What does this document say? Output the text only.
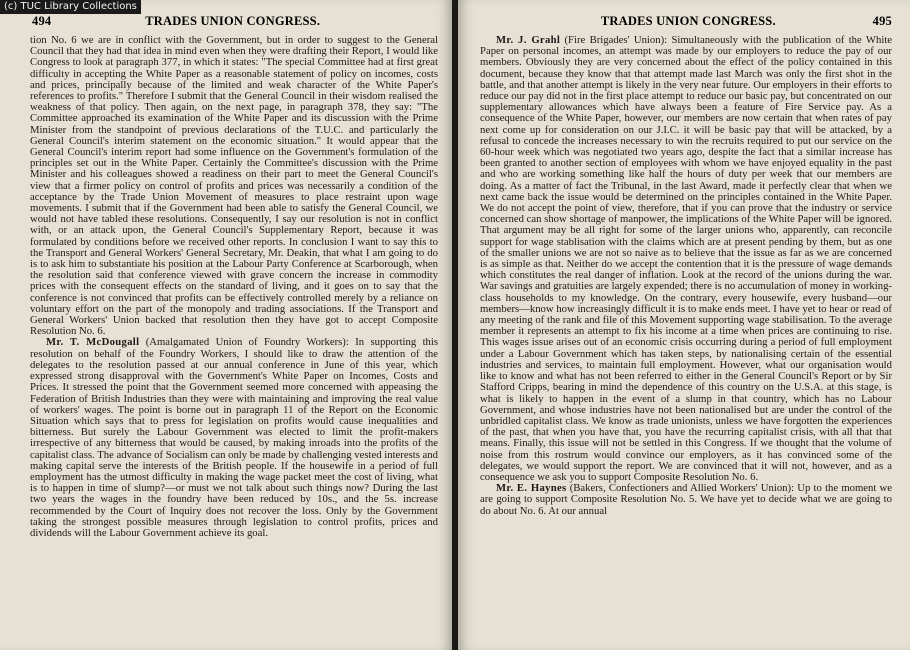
(c) TUC Library Collections
494	TRADES UNION CONGRESS.

tion No. 6 we are in conflict with the Government, but in order to suggest to the General Council that they had that idea in mind even when they were drafting their Report, I would like Congress to look at paragraph 377, in which it states: "The special Committee had at first great difficulty in accepting the White Paper as a reasonable statement of policy on incomes, costs and prices, principally because of the limited and weak character of the White Paper's references to profits." Therefore I submit that the General Council in their wisdom realised the weakness of that policy. Then again, on the next page, in paragraph 378, they say: "The Committee approached its examination of the White Paper and its discussion with the Prime Minister from the standpoint of previous declarations of the T.U.C. and particularly the General Council's interim statement on the economic situation." It would appear that the General Council's interim report had some influence on the Government's formulation of the principles set out in the White Paper. Certainly the Committee's discussion with the Prime Minister and his colleagues showed a readiness on their part to meet the General Council's view that a firmer policy on control of profits and prices was necessarily a condition of the acceptance by the Trade Union Movement of measures to place restraint upon wage movements. I submit that if the Government had been able to satisfy the General Council, we would not have tabled these resolutions. Consequently, I say our resolution is not in conflict with, or an attack upon, the General Council's Supplementary Report, because it was formulated by conditions before we received other reports. In conclusion I want to say this to the Transport and General Workers' General Secretary, Mr. Deakin, that what I am going to do is to ask him to substantiate his position at the Labour Party Conference at Scarborough, when the resolution said that conference viewed with grave concern the increase in commodity prices with the consequent effects on the standard of living, and it goes on to say that the conference is not convinced that profits can be effectively controlled merely by a reliance on voluntary effort on the part of the monopoly and trading associations. If the Transport and General Workers' Union backed that resolution then they have got to accept Composite Resolution No. 6.

Mr. T. McDougall (Amalgamated Union of Foundry Workers): In supporting this resolution on behalf of the Foundry Workers, I should like to draw the attention of the delegates to the resolution passed at our annual conference in June of this year, which expressed strong disapproval with the Government's White Paper on Incomes, Costs and Prices. It stressed the point that the Government seemed more concerned with appeasing the Federation of British Industries than they were with maintaining and improving the real value of workers' wages. The point is borne out in paragraph 11 of the Report on the Economic Situation which says that to press for legislation on profits would cause inequalities and bitterness. But surely the Labour Government was elected to limit the profit-makers irrespective of any bitterness that would be caused, by making inroads into the profits of the capitalist class. The advance of Socialism can only be made by challenging vested interests and making capital serve the interests of the British people. If the housewife in a period of full employment has the utmost difficulty in making the wage packet meet the cost of living, what is to happen in time of slump?—or must we not talk about such things now? During the last two years the wages in the foundry have been reduced by 10s., and the 5s. increase recommended by the Court of Inquiry does not recover the loss. Only by the Government taking the strongest possible measures through legislation to control profits, prices and dividends will the Labour Government achieve its goal.

TRADES UNION CONGRESS.	495

Mr. J. Grahl (Fire Brigades' Union): Simultaneously with the publication of the White Paper on personal incomes, an attempt was made by our employers to reduce the pay of our members. Obviously they are very concerned about the effect of the policy contained in this document, because they know that that attempt made last March was only the first shot in the battle, and that another attempt is likely in the very near future. Our employers in their efforts to reduce our pay did not in the first place attempt to reduce our basic pay, but concentrated on our supplementary allowances which have always been a feature of Fire Service pay. As a consequence of the White Paper, however, our members are now certain that when rates of pay next come up for consideration on our J.I.C. it will be basic pay that will be attacked, by a refusal to concede the increases necessary to win the recruits required to put our service on the 60-hour week which was negotiated two years ago, despite the fact that a similar increase has been granted to another section of employees with whom we have enjoyed equality in the past and who are working something like half the hours of duty per week that our members are doing. As a matter of fact the Tribunal, in the last Award, made it perfectly clear that when we next came back the issue would be determined on the principles contained in the White Paper. We do not accept the point of view, therefore, that if you can prove that the industry or service concerned can show shortage of manpower, the implications of the White Paper will be ignored. That argument may be all right for some of the larger unions who, apparently, can reconcile support for wage stablisation with the claims which are at present pending by them, but as one of the smaller unions we are not so naive as to believe that the issue as far as we are concerned is as simple as that. Neither do we accept the contention that it is the pressure of wage demands which constitutes the real danger of inflation. Look at the record of the unions during the war. War savings and gratuities are largely expended; there is no accumulation of money in working-class households to my knowledge. On the contrary, every housewife, every husband—our members—know how increasingly difficult it is to make ends meet. I have yet to hear or read of any meeting of the rank and file of this Movement supporting wage stabilisation. To the average member it represents an attempt to fix his income at a time when prices are continuing to rise. This wages issue arises out of an economic crisis occurring during a period of full employment under a Labour Government which has taken steps, by nationalising certain of the essential industries and services, to maintain full employment. However, what our organisation would like to know and what has not been referred to either in the General Council's Report or by Sir Stafford Cripps, bearing in mind the dependence of this country on the U.S.A. at this stage, is what is likely to happen in the event of a slump in that country, which has no Labour Government, and whose industries have not been nationalised but are under the control of the unbridled capitalist class. We know as trade unionists, unless we have forgotten the experiences of the past, that when you have that, you have the recurring capitalist crisis, with all that that means. Finally, this issue will not be settled in this Congress. If we thought that the volume of noise from this rostrum would convince our employers, as it has convinced some of the delegates, we would support the report. We are convinced that it will not, however, and as a consequence we ask you to support Composite Resolution No. 6.

Mr. E. Haynes (Bakers, Confectioners and Allied Workers' Union): Up to the moment we are going to support Composite Resolution No. 5. We have yet to decide what we are going to do about No. 6. At our annual
